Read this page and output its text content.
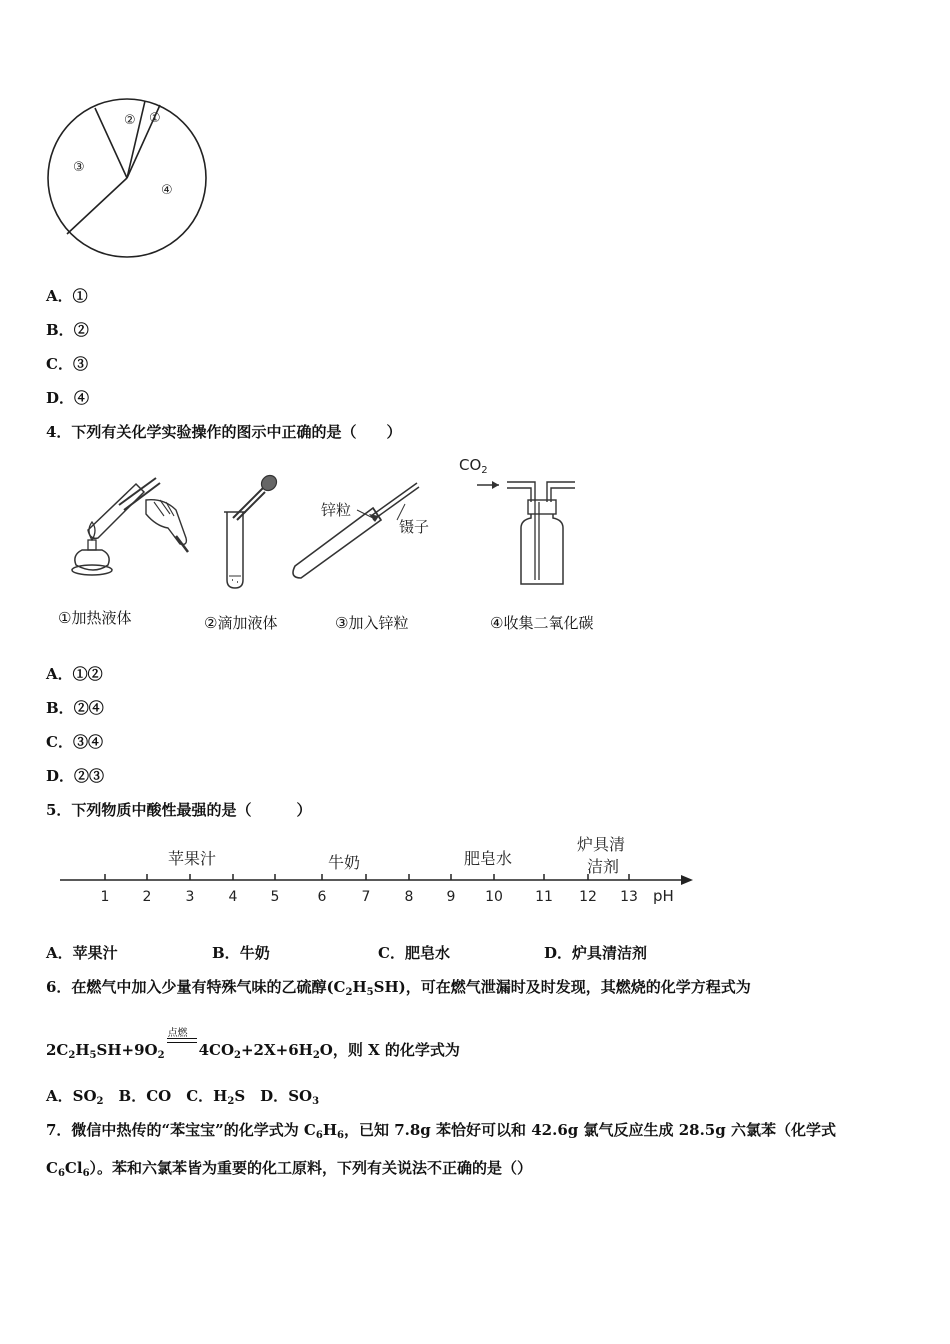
② ①
③
④
A．①
B．②
C．③
D．④
4．下列有关化学实验操作的图示中正确的是（　　）
①加热液体	②滴加液体
锌粒
镊子
③加入锌粒
$CO_2$
④收集二氧化碳
A．①②
B．②④
C．③④
D．②③
5．下列物质中酸性最强的是（　　　）
1 2 3 4 5	6	7 8 9 10 11 12 13 pH
苹果汁	牛奶	肥皂水
炉具清
洁剂
A．苹果汁	B．牛奶	C．肥皂水	D．炉具清洁剂
6．在燃气中加入少量有特殊气味的乙硫醇$(C_2H_5SH)$，可在燃气泄漏时及时发现，其燃烧的化学方程式为
$2C_2H_5SH+9O_2$
点燃
$4CO_2+2X+6H_2O$，则 X 的化学式为
A．$SO_2$  B．CO  C．$H_2S$  D．$SO_3$
7．微信中热传的“苯宝宝”的化学式为 $C_6H_6$，已知 7.8g 苯恰好可以和 42.6g 氯气反应生成 28.5g 六氯苯（化学式
$C_6Cl_6$）。苯和六氯苯皆为重要的化工原料，下列有关说法不正确的是（）
